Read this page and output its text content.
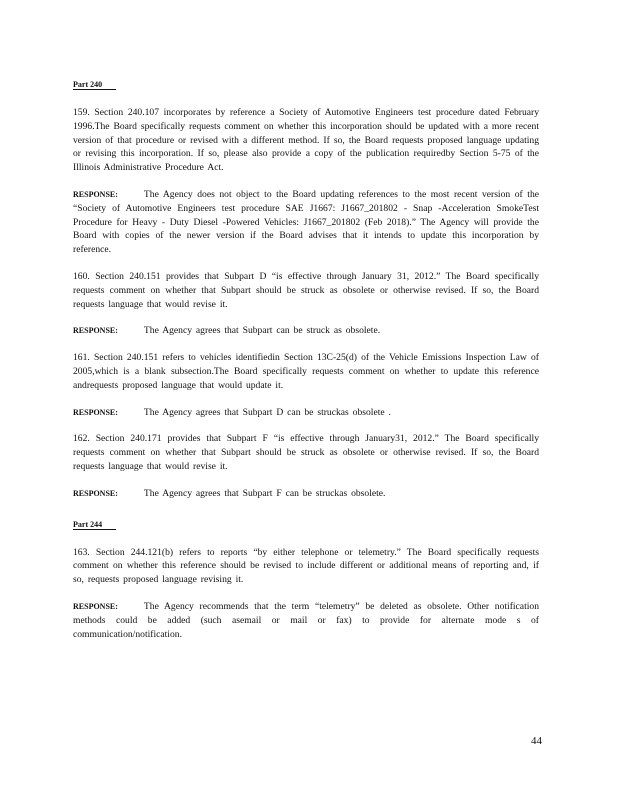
Part 240

159. Section 240.107 incorporates by reference a Society of Automotive Engineers test procedure dated February 1996.The Board specifically requests comment on whether this incorporation should be updated with a more recent version of that procedure or revised with a different method. If so, the Board requests proposed language updating or revising this incorporation. If so, please also provide a copy of the publication requiredby Section 5-75 of the Illinois Administrative Procedure Act.

RESPONSE:	The Agency does not object to the Board updating references to the most recent version of the “Society of Automotive Engineers test procedure SAE J1667: J1667_201802 - Snap -Acceleration SmokeTest Procedure for Heavy - Duty Diesel -Powered Vehicles: J1667_201802 (Feb 2018).” The Agency will provide the Board with copies of the newer version if the Board advises that it intends to update this incorporation by reference.

160. Section 240.151 provides that Subpart D “is effective through January 31, 2012.” The Board specifically requests comment on whether that Subpart should be struck as obsolete or otherwise revised. If so, the Board requests language that would revise it.

RESPONSE:	The Agency agrees that Subpart can be struck as obsolete.

161. Section 240.151 refers to vehicles identifiedin Section 13C-25(d) of the Vehicle Emissions Inspection Law of 2005,which is a blank subsection.The Board specifically requests comment on whether to update this reference andrequests proposed language that would update it.

RESPONSE:	The Agency agrees that Subpart D can be struckas obsolete .

162. Section 240.171 provides that Subpart F “is effective through January31, 2012.” The Board specifically requests comment on whether that Subpart should be struck as obsolete or otherwise revised. If so, the Board requests language that would revise it.

RESPONSE:	The Agency agrees that Subpart F can be struckas obsolete.

Part 244

163. Section 244.121(b) refers to reports “by either telephone or telemetry.” The Board specifically requests comment on whether this reference should be revised to include different or additional means of reporting and, if so, requests proposed language revising it.

RESPONSE:	The Agency recommends that the term “telemetry” be deleted as obsolete. Other notification methods could be added (such asemail or mail or fax) to provide for alternate mode s of communication/notification.

44
